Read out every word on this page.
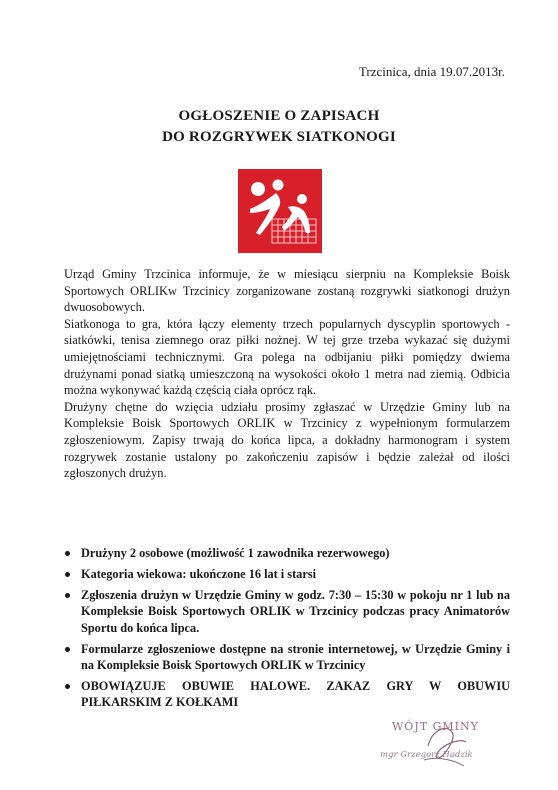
Trzcinica, dnia 19.07.2013r.
OGŁOSZENIE O ZAPISACH
DO ROZGRYWEK SIATKONOGI

Urząd Gminy Trzcinica informuje, że w miesiącu sierpniu na Kompleksie Boisk Sportowych ORLIKw Trzcinicy zorganizowane zostaną rozgrywki siatkonogi drużyn dwuosobowych.

Siatkonoga to gra, która łączy elementy trzech popularnych dyscyplin sportowych - siatkówki, tenisa ziemnego oraz piłki nożnej. W tej grze trzeba wykazać się dużymi umiejętnościami technicznymi. Gra polega na odbijaniu piłki pomiędzy dwiema drużynami ponad siatką umieszczoną na wysokości około 1 metra nad ziemią. Odbicia można wykonywać każdą częścią ciała oprócz rąk.

Drużyny chętne do wzięcia udziału prosimy zgłaszać w Urzędzie Gminy lub na Kompleksie Boisk Sportowych ORLIK w Trzcinicy z wypełnionym formularzem zgłoszeniowym. Zapisy trwają do końca lipca, a dokładny harmonogram i system rozgrywek zostanie ustalony po zakończeniu zapisów i będzie zależał od ilości zgłoszonych drużyn.

Drużyny 2 osobowe (możliwość 1 zawodnika rezerwowego)
Kategoria wiekowa: ukończone 16 lat i starsi
Zgłoszenia drużyn w Urzędzie Gminy w godz. 7:30 – 15:30 w pokoju nr 1 lub na Kompleksie Boisk Sportowych ORLIK w Trzcinicy podczas pracy Animatorów Sportu do końca lipca.
Formularze zgłoszeniowe dostępne na stronie internetowej, w Urzędzie Gminy i na Kompleksie Boisk Sportowych ORLIK w Trzcinicy
OBOWIĄZUJE OBUWIE HALOWE. ZAKAZ GRY W OBUWIU PIŁKARSKIM Z KOŁKAMI
WÓJT GMINY
mgr Grzegorz Hadzik
